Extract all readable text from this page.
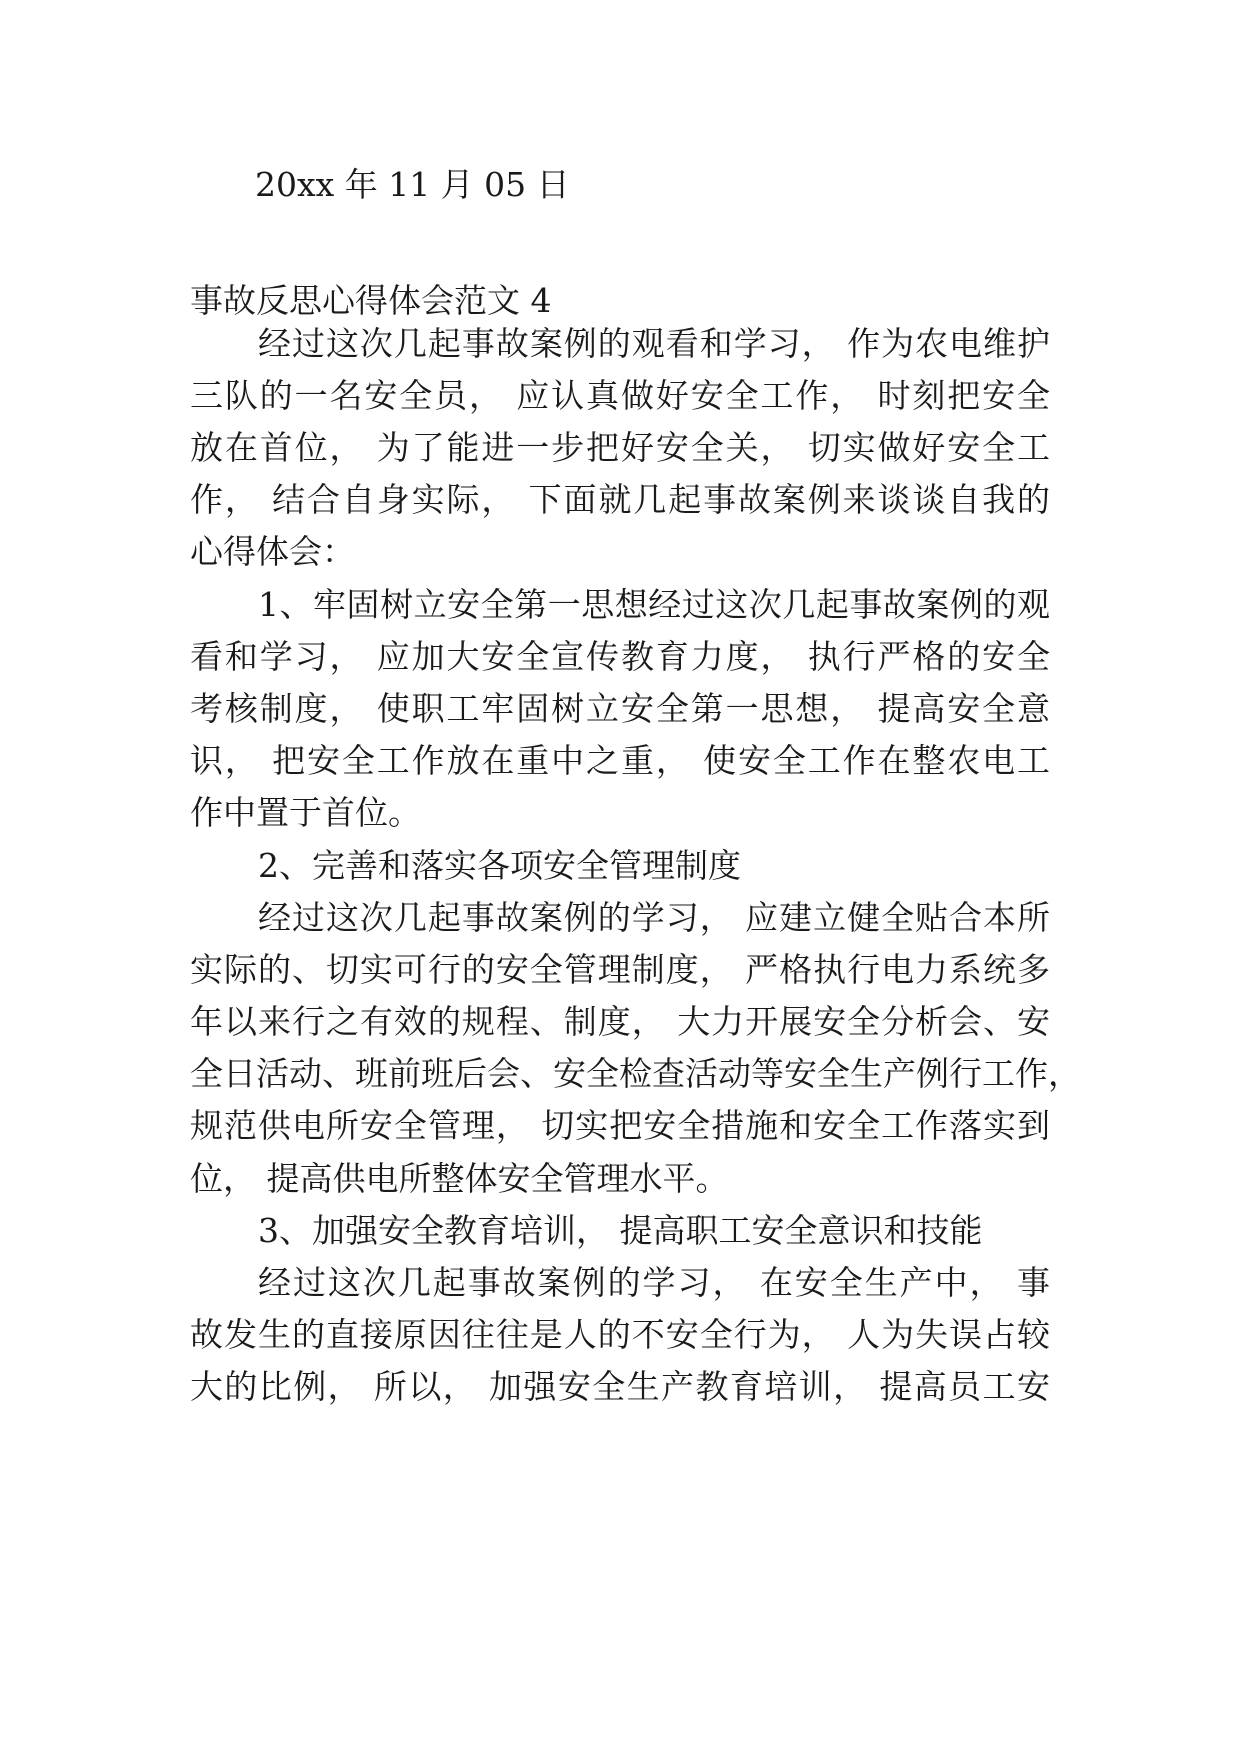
20xx 年 11 月 05 日
事故反思心得体会范文 4
经过这次几起事故案例的观看和学习， 作为农电维护
三队的一名安全员， 应认真做好安全工作， 时刻把安全
放在首位， 为了能进一步把好安全关， 切实做好安全工
作， 结合自身实际， 下面就几起事故案例来谈谈自我的
心得体会：
1、牢固树立安全第一思想经过这次几起事故案例的观
看和学习， 应加大安全宣传教育力度， 执行严格的安全
考核制度， 使职工牢固树立安全第一思想， 提高安全意
识， 把安全工作放在重中之重， 使安全工作在整农电工
作中置于首位。
2、完善和落实各项安全管理制度
经过这次几起事故案例的学习， 应建立健全贴合本所
实际的、切实可行的安全管理制度， 严格执行电力系统多
年以来行之有效的规程、制度， 大力开展安全分析会、安
全日活动、班前班后会、安全检查活动等安全生产例行工作，
规范供电所安全管理， 切实把安全措施和安全工作落实到
位， 提高供电所整体安全管理水平。
3、加强安全教育培训， 提高职工安全意识和技能
经过这次几起事故案例的学习， 在安全生产中， 事
故发生的直接原因往往是人的不安全行为， 人为失误占较
大的比例， 所以， 加强安全生产教育培训， 提高员工安
